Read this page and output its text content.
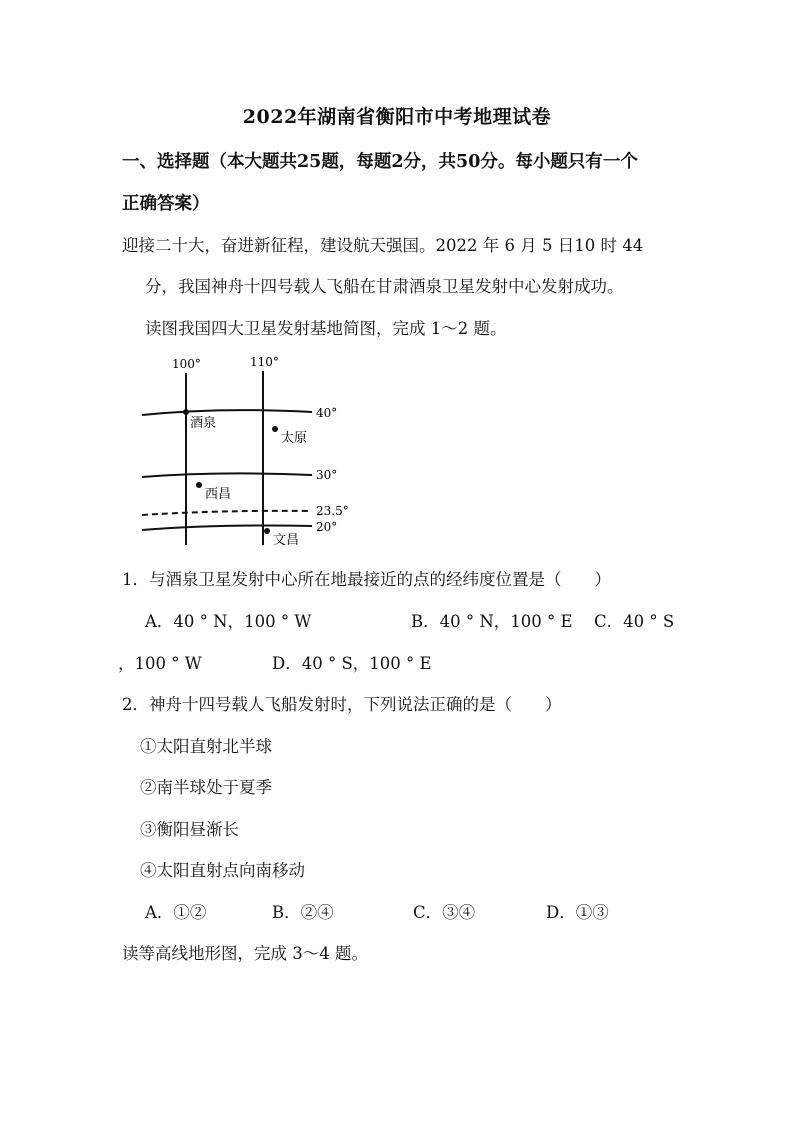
2022年湖南省衡阳市中考地理试卷
一、选择题（本大题共25题，每题2分，共50分。每小题只有一个
正确答案）
迎接二十大，奋进新征程，建设航天强国。2022 年 6 月 5 日10 时 44
分，我国神舟十四号载人飞船在甘肃酒泉卫星发射中心发射成功。
读图我国四大卫星发射基地简图，完成 1～2 题。
100°	110°
40°
30°
23.5°
20°
酒泉
太原
西昌
文昌
1．与酒泉卫星发射中心所在地最接近的点的经纬度位置是（　　）
A．40 ° N，100 ° W	B．40 ° N，100 ° E C．40 ° S
，100 ° W	D．40 ° S，100 ° E
2．神舟十四号载人飞船发射时，下列说法正确的是（　　）
①太阳直射北半球
②南半球处于夏季
③衡阳昼渐长
④太阳直射点向南移动
A．①②	B．②④	C．③④	D．①③
读等高线地形图，完成 3～4 题。
